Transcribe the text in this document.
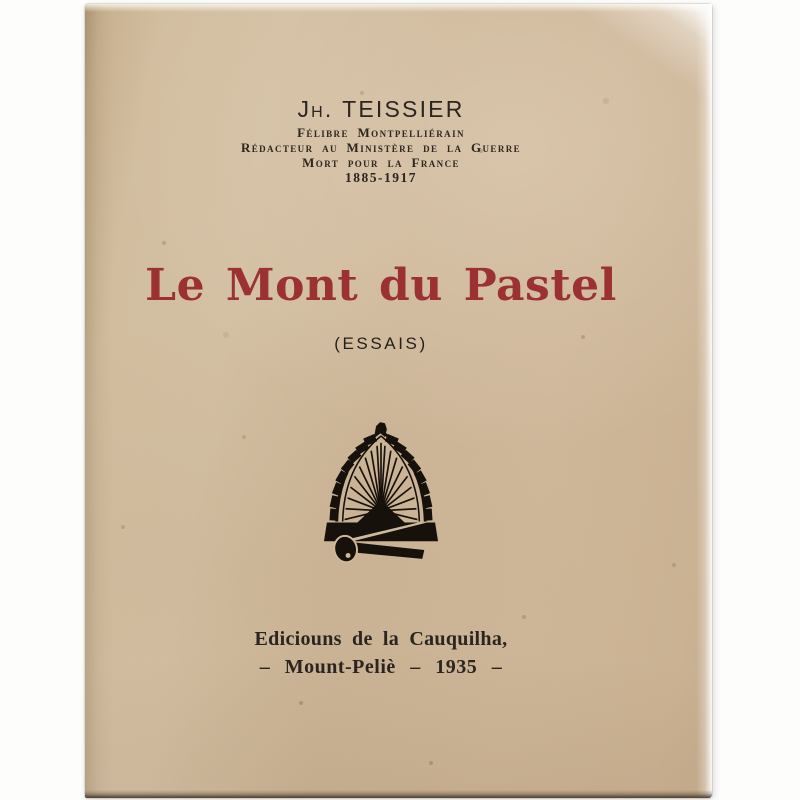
Jh. TEISSIER
Félibre Montpelliérain
Rédacteur au Ministère de la Guerre
Mort pour la France
1885-1917
Le Mont du Pastel
(ESSAIS)
Ediciouns de la Cauquilha,
– Mount-Peliè – 1935 –
